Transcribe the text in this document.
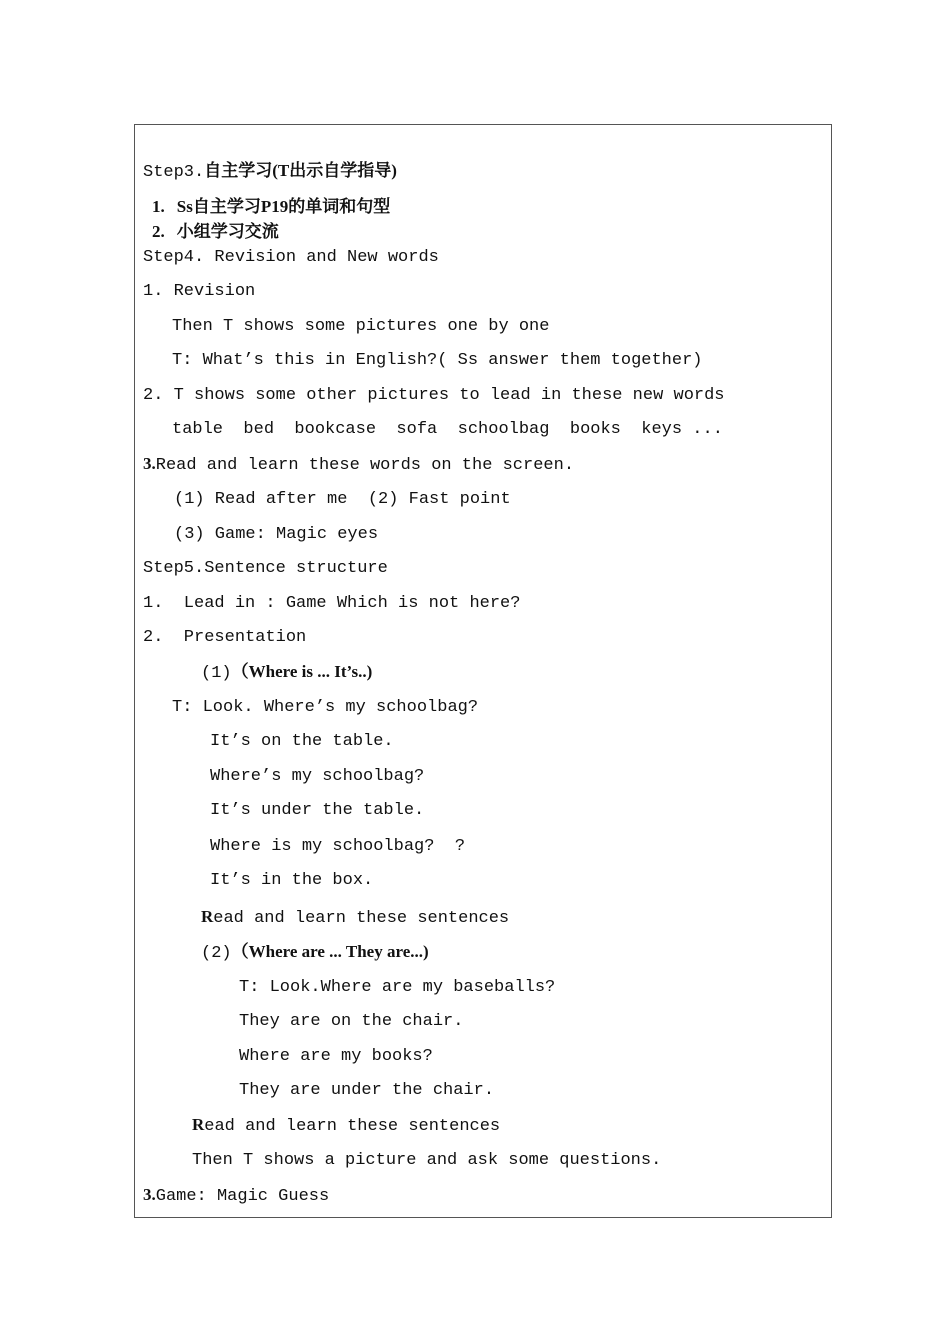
Step3.自主学习(T出示自学指导)
1. Ss自主学习P19的单词和句型
2. 小组学习交流
Step4. Revision and New words
1. Revision
Then T shows some pictures one by one
T: What’s this in English?( Ss answer them together)
2. T shows some other pictures to lead in these new words
table  bed  bookcase  sofa  schoolbag  books  keys ...
3.Read and learn these words on the screen.
(1) Read after me  (2) Fast point
(3) Game: Magic eyes
Step5.Sentence structure
1.  Lead in : Game Which is not here?
2.  Presentation
(1)（Where is ... It’s..)
T: Look. Where’s my schoolbag?
It’s on the table.
Where’s my schoolbag?
It’s under the table.
Where is my schoolbag?  ?
It’s in the box.
Read and learn these sentences
(2)（Where are ... They are...)
T: Look.Where are my baseballs?
They are on the chair.
Where are my books?
They are under the chair.
Read and learn these sentences
Then T shows a picture and ask some questions.
3.Game: Magic Guess
